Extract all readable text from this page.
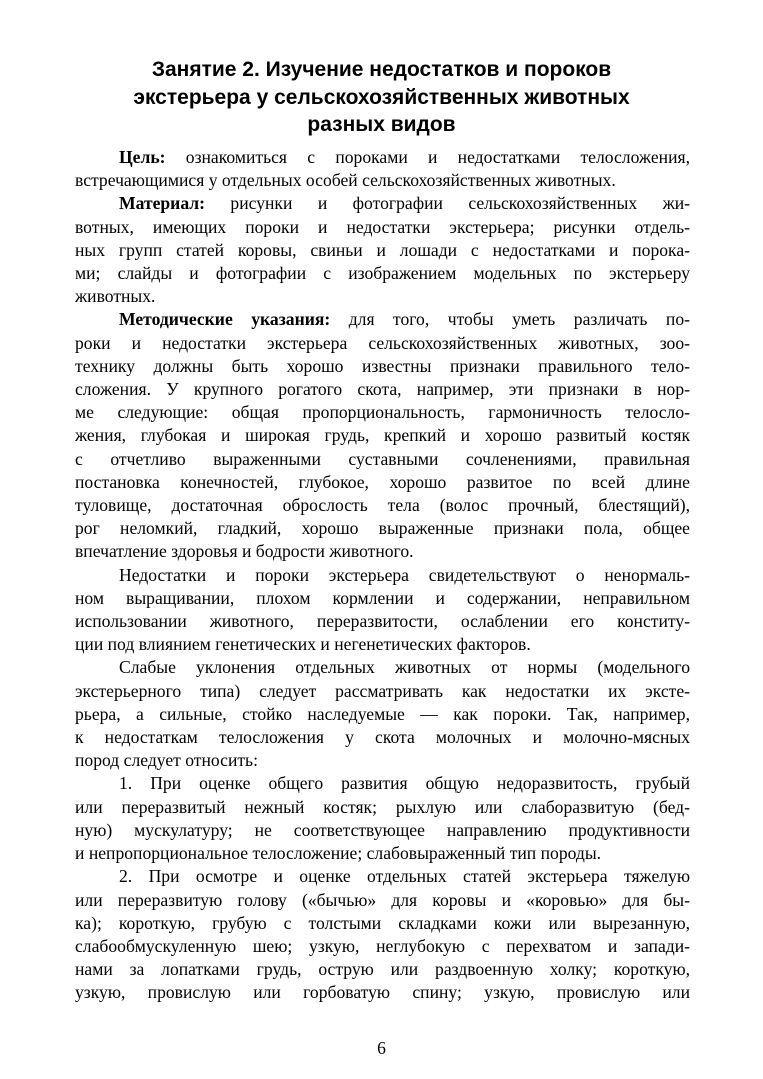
Занятие 2. Изучение недостатков и пороков
экстерьера у сельскохозяйственных животных
разных видов
Цель: ознакомиться с пороками и недостатками телосложения,
встречающимися у отдельных особей сельскохозяйственных животных.
Материал: рисунки и фотографии сельскохозяйственных жи-
вотных, имеющих пороки и недостатки экстерьера; рисунки отдель-
ных групп статей коровы, свиньи и лошади с недостатками и порока-
ми; слайды и фотографии с изображением модельных по экстерьеру
животных.
Методические указания: для того, чтобы уметь различать по-
роки и недостатки экстерьера сельскохозяйственных животных, зоо-
технику должны быть хорошо известны признаки правильного тело-
сложения. У крупного рогатого скота, например, эти признаки в нор-
ме следующие: общая пропорциональность, гармоничность телосло-
жения, глубокая и широкая грудь, крепкий и хорошо развитый костяк
с отчетливо выраженными суставными сочленениями, правильная
постановка конечностей, глубокое, хорошо развитое по всей длине
туловище, достаточная оброслость тела (волос прочный, блестящий),
рог неломкий, гладкий, хорошо выраженные признаки пола, общее
впечатление здоровья и бодрости животного.
Недостатки и пороки экстерьера свидетельствуют о ненормаль-
ном выращивании, плохом кормлении и содержании, неправильном
использовании животного, переразвитости, ослаблении его конститу-
ции под влиянием генетических и негенетических факторов.
Слабые уклонения отдельных животных от нормы (модельного
экстерьерного типа) следует рассматривать как недостатки их эксте-
рьера, а сильные, стойко наследуемые — как пороки. Так, например,
к недостаткам телосложения у скота молочных и молочно-мясных
пород следует относить:
1. При оценке общего развития общую недоразвитость, грубый
или переразвитый нежный костяк; рыхлую или слаборазвитую (бед-
ную) мускулатуру; не соответствующее направлению продуктивности
и непропорциональное телосложение; слабовыраженный тип породы.
2. При осмотре и оценке отдельных статей экстерьера тяжелую
или переразвитую голову («бычью» для коровы и «коровью» для бы-
ка); короткую, грубую с толстыми складками кожи или вырезанную,
слабообмускуленную шею; узкую, неглубокую с перехватом и запади-
нами за лопатками грудь, острую или раздвоенную холку; короткую,
узкую, провислую или горбоватую спину; узкую, провислую или
6
